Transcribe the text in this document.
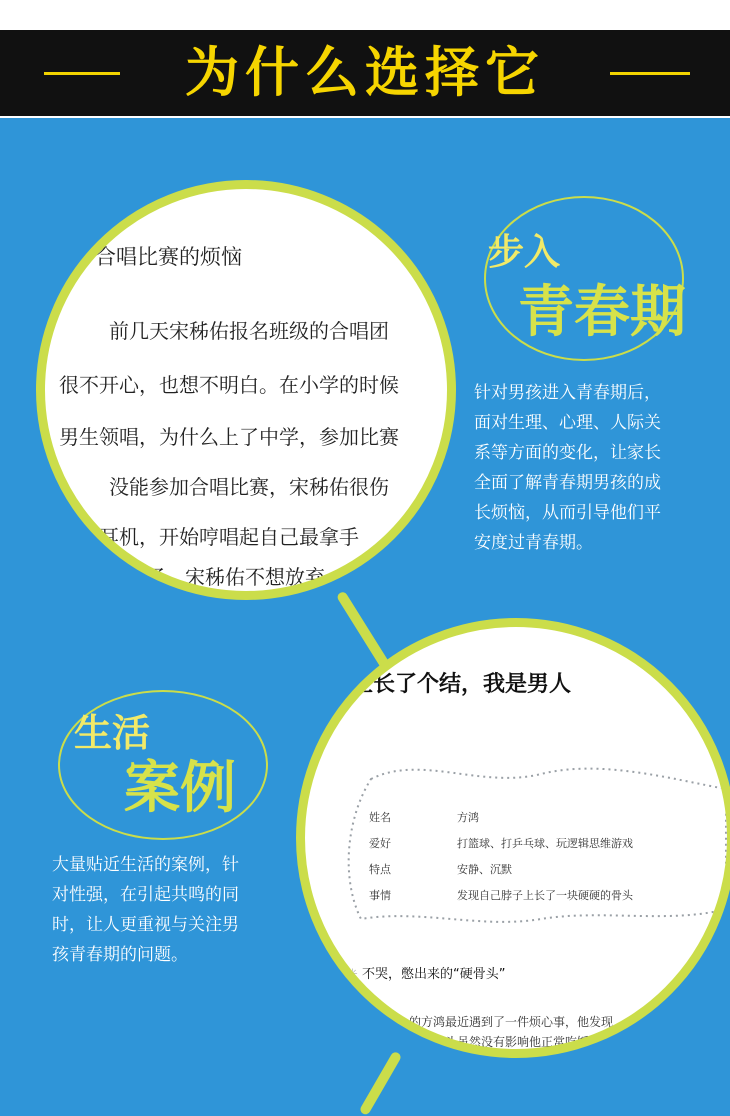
为什么选择它
合唱比赛的烦恼
前几天宋秭佑报名班级的合唱团
很不开心，也想不明白。在小学的时候
男生领唱，为什么上了中学，参加比赛
没能参加合唱比赛，宋秭佑很伤
戴上耳机，开始哼唱起自己最拿手
上去了。宋秭佑不想放弃
步入
青春期
针对男孩进入青春期后，
面对生理、心理、人际关
系等方面的变化，让家长
全面了解青春期男孩的成
长烦恼，从而引导他们平
安度过青春期。
子上长了个结，我是男人
姓名	方鸿
爱好	打篮球、打乒乓球、玩逻辑思维游戏
特点	安静、沉默
事情	发现自己脖子上长了一块硬硬的骨头
✳ 不哭，憋出来的“硬骨头”
初一的方鸿最近遇到了一件烦心事，他发现
头虽然没有影响他正常吃饭
生活
案例
大量贴近生活的案例，针
对性强，在引起共鸣的同
时，让人更重视与关注男
孩青春期的问题。
